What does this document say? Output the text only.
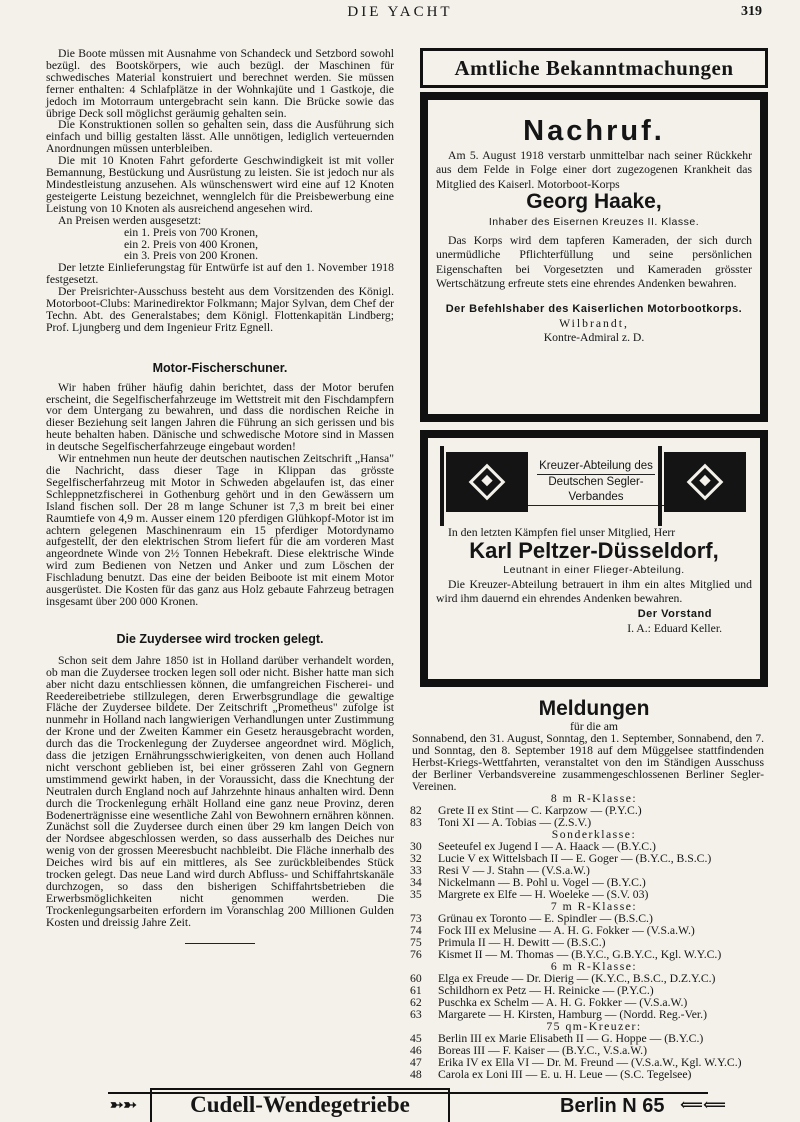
DIE YACHT	319

Die Boote müssen mit Ausnahme von Schandeck und Setzbord sowohl bezügl. des Bootskörpers, wie auch bezügl. der Maschinen für schwedisches Material konstruiert und berechnet werden. Sie müssen ferner enthalten: 4 Schlafplätze in der Wohnkajüte und 1 Gastkoje, die jedoch im Motorraum untergebracht sein kann. Die Brücke sowie das übrige Deck soll möglichst geräumig gehalten sein.

Die Konstruktionen sollen so gehalten sein, dass die Ausführung sich einfach und billig gestalten lässt. Alle unnötigen, lediglich verteuernden Anordnungen müssen unterbleiben.

Die mit 10 Knoten Fahrt geforderte Geschwindigkeit ist mit voller Bemannung, Bestückung und Ausrüstung zu leisten. Sie ist jedoch nur als Mindestleistung anzusehen. Als wünschenswert wird eine auf 12 Knoten gesteigerte Leistung bezeichnet, wennglelch für die Preisbewerbung eine Leistung von 10 Knoten als ausreichend angesehen wird.

An Preisen werden ausgesetzt:

ein 1. Preis von 700 Kronen,
ein 2. Preis von 400 Kronen,
ein 3. Preis von 200 Kronen.

Der letzte Einlieferungstag für Entwürfe ist auf den 1. November 1918 festgesetzt.

Der Preisrichter-Ausschuss besteht aus dem Vorsitzenden des Königl. Motorboot-Clubs: Marinedirektor Folkmann; Major Sylvan, dem Chef der Techn. Abt. des Generalstabes; dem Königl. Flottenkapitän Lindberg; Prof. Ljungberg und dem Ingenieur Fritz Egnell.

Motor-Fischerschuner.

Wir haben früher häufig dahin berichtet, dass der Motor berufen erscheint, die Segelfischerfahrzeuge im Wettstreit mit den Fischdampfern vor dem Untergang zu bewahren, und dass die nordischen Reiche in dieser Beziehung seit langen Jahren die Führung an sich gerissen und bis heute behalten haben. Dänische und schwedische Motore sind in Massen in deutsche Segelfischerfahrzeuge eingebaut worden!

Wir entnehmen nun heute der deutschen nautischen Zeitschrift „Hansa" die Nachricht, dass dieser Tage in Klippan das grösste Segelfischerfahrzeug mit Motor in Schweden abgelaufen ist, das einer Schleppnetzfischerei in Gothenburg gehört und in den Gewässern um Island fischen soll. Der 28 m lange Schuner ist 7,3 m breit bei einer Raumtiefe von 4,9 m. Ausser einem 120 pferdigen Glühkopf-Motor ist im achtern gelegenen Maschinenraum ein 15 pferdiger Motordynamo aufgestellt, der den elektrischen Strom liefert für die am vorderen Mast angeordnete Winde von 2½ Tonnen Hebekraft. Diese elektrische Winde wird zum Bedienen von Netzen und Anker und zum Löschen der Fischladung benutzt. Das eine der beiden Beiboote ist mit einem Motor ausgerüstet. Die Kosten für das ganz aus Holz gebaute Fahrzeug betragen insgesamt über 200 000 Kronen.

Die Zuydersee wird trocken gelegt.

Schon seit dem Jahre 1850 ist in Holland darüber verhandelt worden, ob man die Zuydersee trocken legen soll oder nicht. Bisher hatte man sich aber nicht dazu entschliessen können, die umfangreichen Fischerei- und Reedereibetriebe stillzulegen, deren Erwerbsgrundlage die gewaltige Fläche der Zuydersee bildete. Der Zeitschrift „Prometheus" zufolge ist nunmehr in Holland nach langwierigen Verhandlungen unter Zustimmung der Krone und der Zweiten Kammer ein Gesetz herausgebracht worden, durch das die Trockenlegung der Zuydersee angeordnet wird. Möglich, dass die jetzigen Ernährungsschwierigkeiten, von denen auch Holland nicht verschont geblieben ist, bei einer grösseren Zahl von Gegnern umstimmend gewirkt haben, in der Voraussicht, dass die Knechtung der Neutralen durch England noch auf Jahrzehnte hinaus anhalten wird. Denn durch die Trockenlegung erhält Holland eine ganz neue Provinz, deren Bodenerträgnisse eine wesentliche Zahl von Bewohnern ernähren können. Zunächst soll die Zuydersee durch einen über 29 km langen Deich von der Nordsee abgeschlossen werden, so dass ausserhalb des Deiches nur wenig von der grossen Meeresbucht nachbleibt. Die Fläche innerhalb des Deiches wird bis auf ein mittleres, als See zurückbleibendes Stück trocken gelegt. Das neue Land wird durch Abfluss- und Schiffahrtskanäle durchzogen, so dass den bisherigen Schiffahrtsbetrieben die Erwerbsmöglichkeiten nicht genommen werden. Die Trockenlegungsarbeiten erfordern im Voranschlag 200 Millionen Gulden Kosten und dreissig Jahre Zeit.

Amtliche Bekanntmachungen
Nachruf.
Am 5. August 1918 verstarb unmittelbar nach seiner Rückkehr aus dem Felde in Folge einer dort zugezogenen Krankheit das Mitglied des Kaiserl. Motorboot-Korps
Georg Haake,
Inhaber des Eisernen Kreuzes II. Klasse.
Das Korps wird dem tapferen Kameraden, der sich durch unermüdliche Pflichterfüllung und seine persönlichen Eigenschaften bei Vorgesetzten und Kameraden grösster Wertschätzung erfreute stets eine ehrendes Andenken bewahren.
Der Befehlshaber des Kaiserlichen Motorbootkorps.
Wilbrandt,
Kontre-Admiral z. D.
Kreuzer-Abteilung des
Deutschen Segler-Verbandes
In den letzten Kämpfen fiel unser Mitglied, Herr
Karl Peltzer-Düsseldorf,
Leutnant in einer Flieger-Abteilung.
Die Kreuzer-Abteilung betrauert in ihm ein altes Mitglied und wird ihm dauernd ein ehrendes Andenken bewahren.
Der Vorstand
I. A.: Eduard Keller.
Meldungen
für die am
Sonnabend, den 31. August, Sonntag, den 1. September, Sonnabend, den 7. und Sonntag, den 8. September 1918 auf dem Müggelsee stattfindenden Herbst-Kriegs-Wettfahrten, veranstaltet von den im Ständigen Ausschuss der Berliner Verbandsvereine zusammengeschlossenen Berliner Segler-Vereinen.
8 m R-Klasse:
82	Grete II ex Stint — C. Karpzow — (P.Y.C.)
83	Toni XI — A. Tobias — (Z.S.V.)
Sonderklasse:
30	Seeteufel ex Jugend I — A. Haack — (B.Y.C.)
32	Lucie V ex Wittelsbach II — E. Goger — (B.Y.C., B.S.C.)
33	Resi V — J. Stahn — (V.S.a.W.)
34	Nickelmann — B. Pohl u. Vogel — (B.Y.C.)
35	Margrete ex Elfe — H. Woeleke — (S.V. 03)
7 m R-Klasse:
73	Grünau ex Toronto — E. Spindler — (B.S.C.)
74	Fock III ex Melusine — A. H. G. Fokker — (V.S.a.W.)
75	Primula II — H. Dewitt — (B.S.C.)
76	Kismet II — M. Thomas — (B.Y.C., G.B.Y.C., Kgl. W.Y.C.)
6 m R-Klasse:
60	Elga ex Freude — Dr. Dierig — (K.Y.C., B.S.C., D.Z.Y.C.)
61	Schildhorn ex Petz — H. Reinicke — (P.Y.C.)
62	Puschka ex Schelm — A. H. G. Fokker — (V.S.a.W.)
63	Margarete — H. Kirsten, Hamburg — (Nordd. Reg.-Ver.)
75 qm-Kreuzer:
45	Berlin III ex Marie Elisabeth II — G. Hoppe — (B.Y.C.)
46	Boreas III — F. Kaiser — (B.Y.C., V.S.a.W.)
47	Erika IV ex Ella VI — Dr. M. Freund — (V.S.a.W., Kgl. W.Y.C.)
48	Carola ex Loni III — E. u. H. Leue — (S.C. Tegelsee)
➳➳	Cudell-Wendegetriebe	Berlin N 65 ⟸⟸
